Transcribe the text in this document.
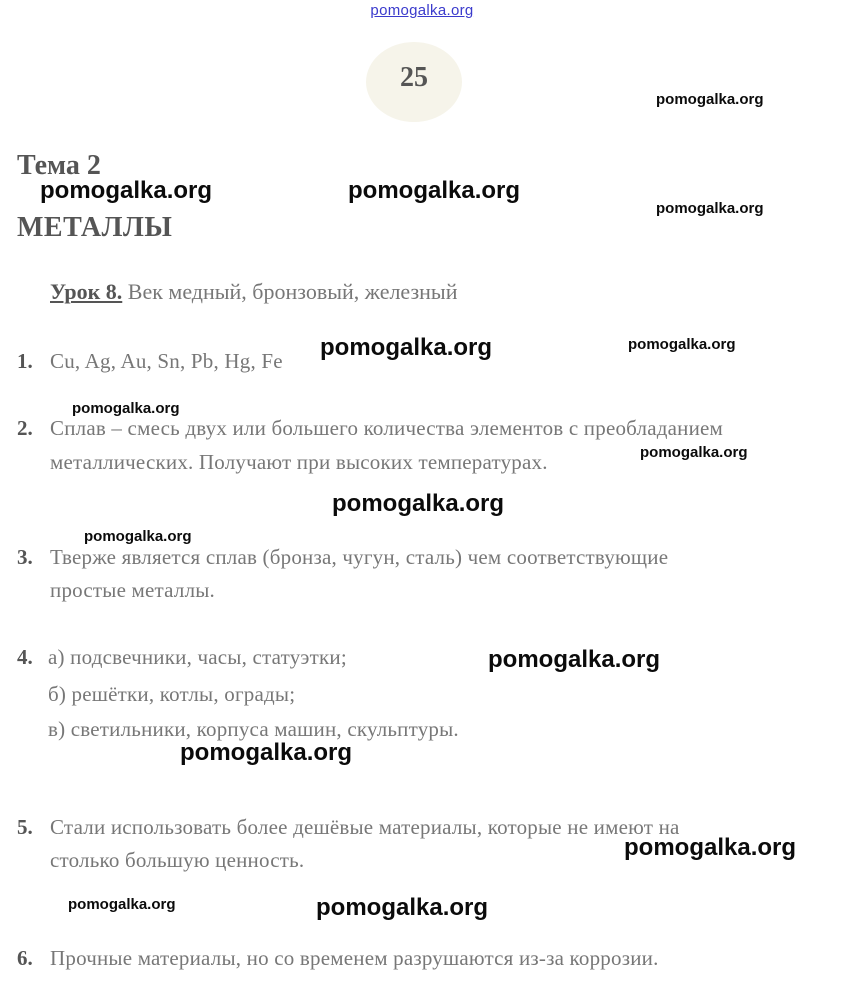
pomogalka.org
25
Тема 2
МЕТАЛЛЫ
Урок 8. Век медный, бронзовый, железный
1. Cu, Ag, Au, Sn, Pb, Hg, Fe
2. Сплав – смесь двух или большего количества элементов с преобладанием
металлических. Получают при высоких температурах.
3. Тверже является сплав (бронза, чугун, сталь) чем соответствующие
простые металлы.
4. а) подсвечники, часы, статуэтки;
б) решётки, котлы, ограды;
в) светильники, корпуса машин, скульптуры.
5. Стали использовать более дешёвые материалы, которые не имеют на
столько большую ценность.
6. Прочные материалы, но со временем разрушаются из-за коррозии.
pomogalka.org
pomogalka.org	pomogalka.org
pomogalka.org
pomogalka.org	pomogalka.org
pomogalka.org
pomogalka.org
pomogalka.org
pomogalka.org
pomogalka.org
pomogalka.org
pomogalka.org
pomogalka.org	pomogalka.org
